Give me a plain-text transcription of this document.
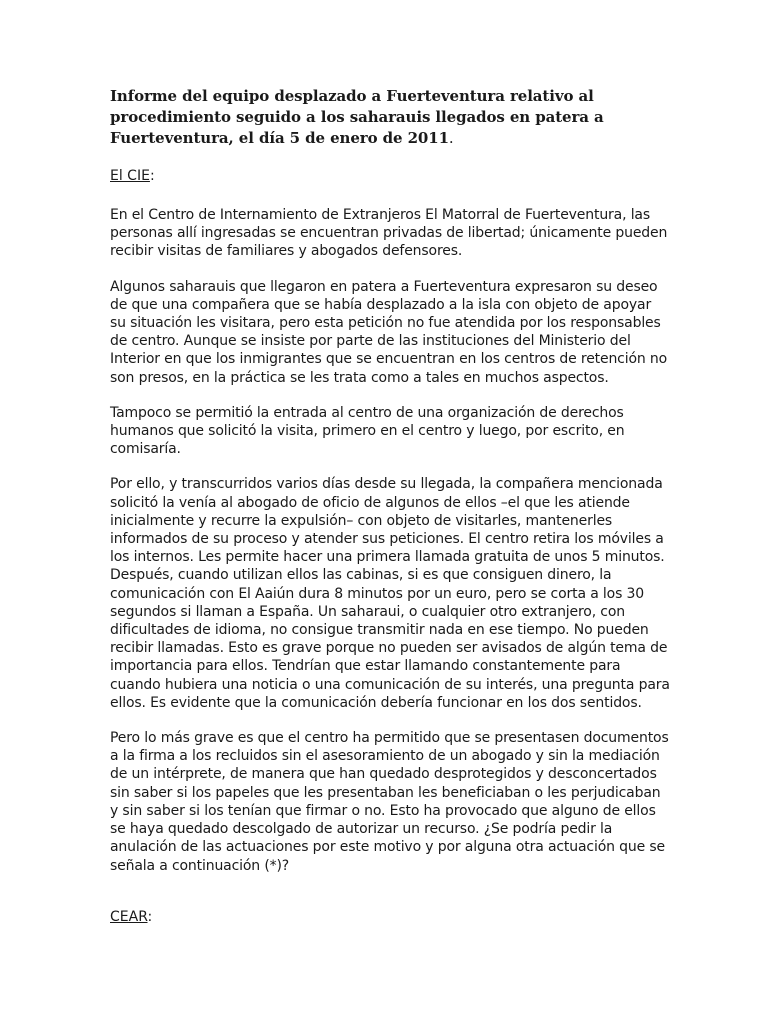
Informe del equipo desplazado a Fuerteventura relativo al procedimiento seguido a los saharauis llegados en patera a Fuerteventura, el día 5 de enero de 2011.

El CIE:

En el Centro de Internamiento de Extranjeros El Matorral de Fuerteventura, las personas allí ingresadas se encuentran privadas de libertad; únicamente pueden recibir visitas de familiares y abogados defensores.

Algunos saharauis que llegaron en patera a Fuerteventura expresaron su deseo de que una compañera que se había desplazado a la isla con objeto de apoyar su situación les visitara, pero esta petición no fue atendida por los responsables de centro. Aunque se insiste por parte de las instituciones del Ministerio del Interior en que los inmigrantes que se encuentran en los centros de retención no son presos, en la práctica se les trata como a tales en muchos aspectos.

Tampoco se permitió la entrada al centro de una organización de derechos humanos que solicitó la visita, primero en el centro y luego, por escrito, en comisaría.

Por ello, y transcurridos varios días desde su llegada, la compañera mencionada solicitó la venía al abogado de oficio de algunos de ellos –el que les atiende inicialmente y recurre la expulsión– con objeto de visitarles, mantenerles informados de su proceso y atender sus peticiones. El centro retira los móviles a los internos. Les permite hacer una primera llamada gratuita de unos 5 minutos. Después, cuando utilizan ellos las cabinas, si es que consiguen dinero, la comunicación con El Aaiún dura 8 minutos por un euro, pero se corta a los 30 segundos si llaman a España. Un saharaui, o cualquier otro extranjero, con dificultades de idioma, no consigue transmitir nada en ese tiempo. No pueden recibir llamadas. Esto es grave porque no pueden ser avisados de algún tema de importancia para ellos. Tendrían que estar llamando constantemente para cuando hubiera una noticia o una comunicación de su interés, una pregunta para ellos. Es evidente que la comunicación debería funcionar en los dos sentidos.

Pero lo más grave es que el centro ha permitido que se presentasen documentos a la firma a los recluidos sin el asesoramiento de un abogado y sin la mediación de un intérprete, de manera que han quedado desprotegidos y desconcertados sin saber si los papeles que les presentaban les beneficiaban o les perjudicaban y sin saber si los tenían que firmar o no. Esto ha provocado que alguno de ellos se haya quedado descolgado de autorizar un recurso. ¿Se podría pedir la anulación de las actuaciones por este motivo y por alguna otra actuación que se señala a continuación (*)?

CEAR:
